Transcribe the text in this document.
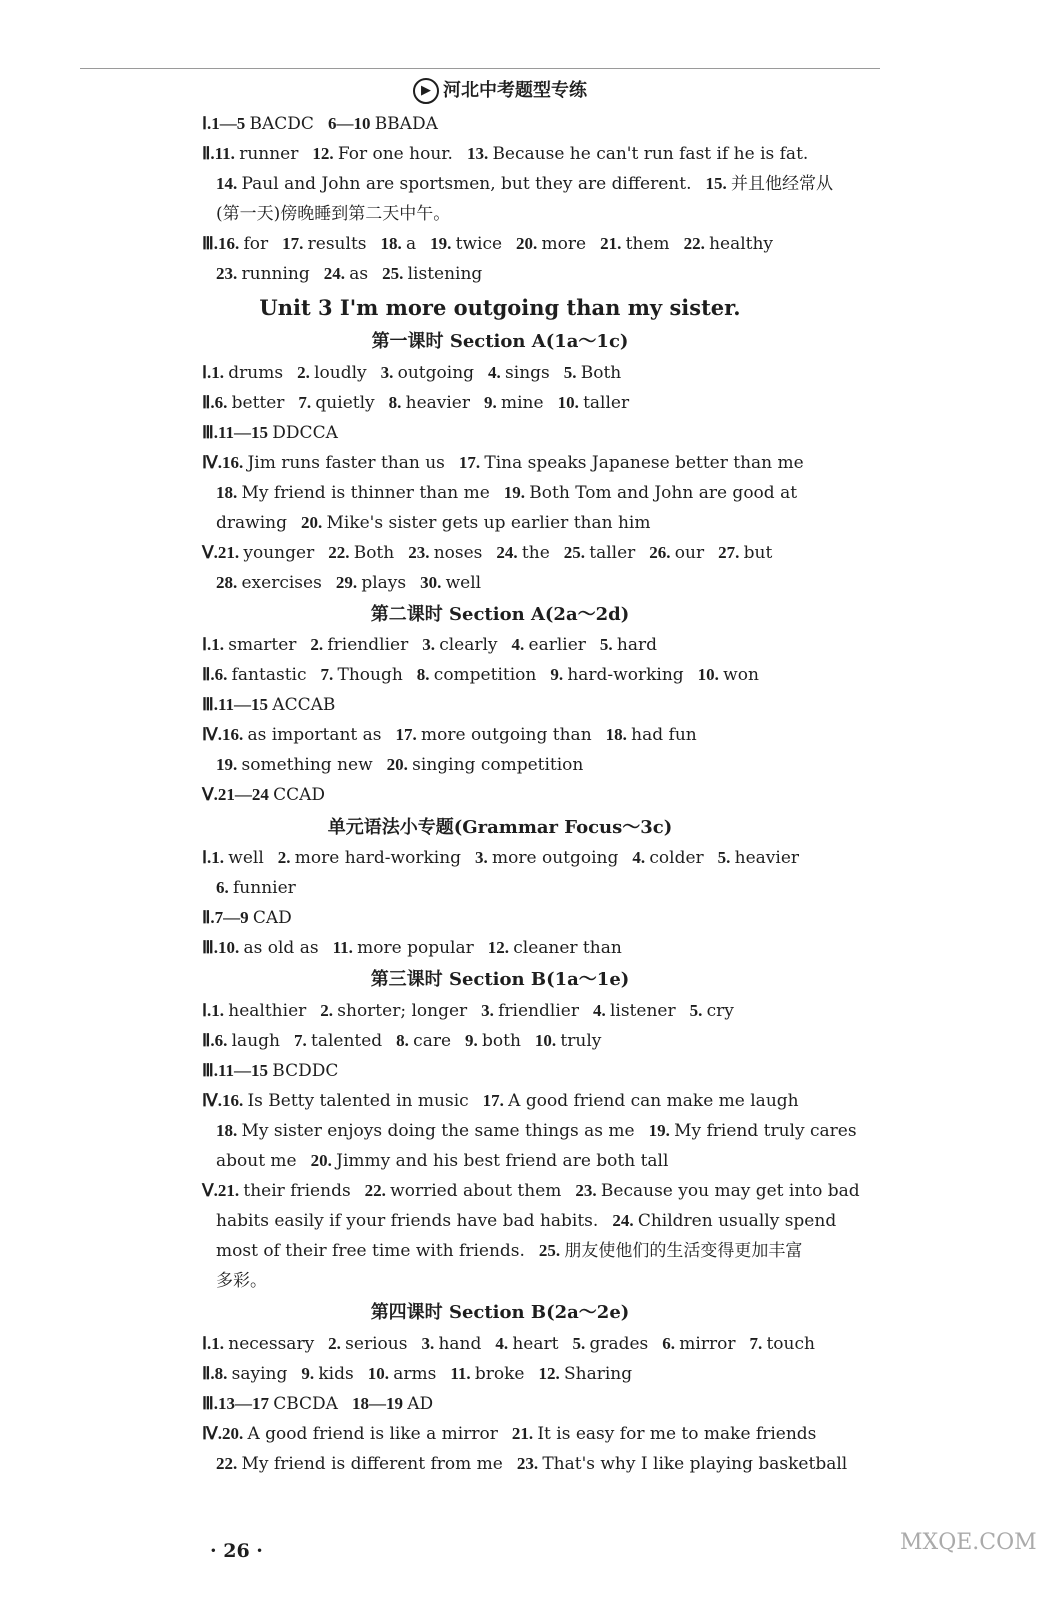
▶ 河北中考题型专练
Ⅰ.1—5 BACDC 6—10 BBADA
Ⅱ.11. runner 12. For one hour. 13. Because he can't run fast if he is fat.
14. Paul and John are sportsmen, but they are different. 15. 并且他经常从
(第一天)傍晚睡到第二天中午。
Ⅲ.16. for 17. results 18. a 19. twice 20. more 21. them 22. healthy
23. running 24. as 25. listening
Unit 3 I'm more outgoing than my sister.
第一课时 Section A(1a～1c)
Ⅰ.1. drums 2. loudly 3. outgoing 4. sings 5. Both
Ⅱ.6. better 7. quietly 8. heavier 9. mine 10. taller
Ⅲ.11—15 DDCCA
Ⅳ.16. Jim runs faster than us 17. Tina speaks Japanese better than me
18. My friend is thinner than me 19. Both Tom and John are good at
drawing 20. Mike's sister gets up earlier than him
Ⅴ.21. younger 22. Both 23. noses 24. the 25. taller 26. our 27. but
28. exercises 29. plays 30. well
第二课时 Section A(2a～2d)
Ⅰ.1. smarter 2. friendlier 3. clearly 4. earlier 5. hard
Ⅱ.6. fantastic 7. Though 8. competition 9. hard-working 10. won
Ⅲ.11—15 ACCAB
Ⅳ.16. as important as 17. more outgoing than 18. had fun
19. something new 20. singing competition
Ⅴ.21—24 CCAD
单元语法小专题(Grammar Focus～3c)
Ⅰ.1. well 2. more hard-working 3. more outgoing 4. colder 5. heavier
6. funnier
Ⅱ.7—9 CAD
Ⅲ.10. as old as 11. more popular 12. cleaner than
第三课时 Section B(1a～1e)
Ⅰ.1. healthier 2. shorter; longer 3. friendlier 4. listener 5. cry
Ⅱ.6. laugh 7. talented 8. care 9. both 10. truly
Ⅲ.11—15 BCDDC
Ⅳ.16. Is Betty talented in music 17. A good friend can make me laugh
18. My sister enjoys doing the same things as me 19. My friend truly cares
about me 20. Jimmy and his best friend are both tall
Ⅴ.21. their friends 22. worried about them 23. Because you may get into bad
habits easily if your friends have bad habits. 24. Children usually spend
most of their free time with friends. 25. 朋友使他们的生活变得更加丰富
多彩。
第四课时 Section B(2a～2e)
Ⅰ.1. necessary 2. serious 3. hand 4. heart 5. grades 6. mirror 7. touch
Ⅱ.8. saying 9. kids 10. arms 11. broke 12. Sharing
Ⅲ.13—17 CBCDA 18—19 AD
Ⅳ.20. A good friend is like a mirror 21. It is easy for me to make friends
22. My friend is different from me 23. That's why I like playing basketball
· 26 ·	MXQE.COM
